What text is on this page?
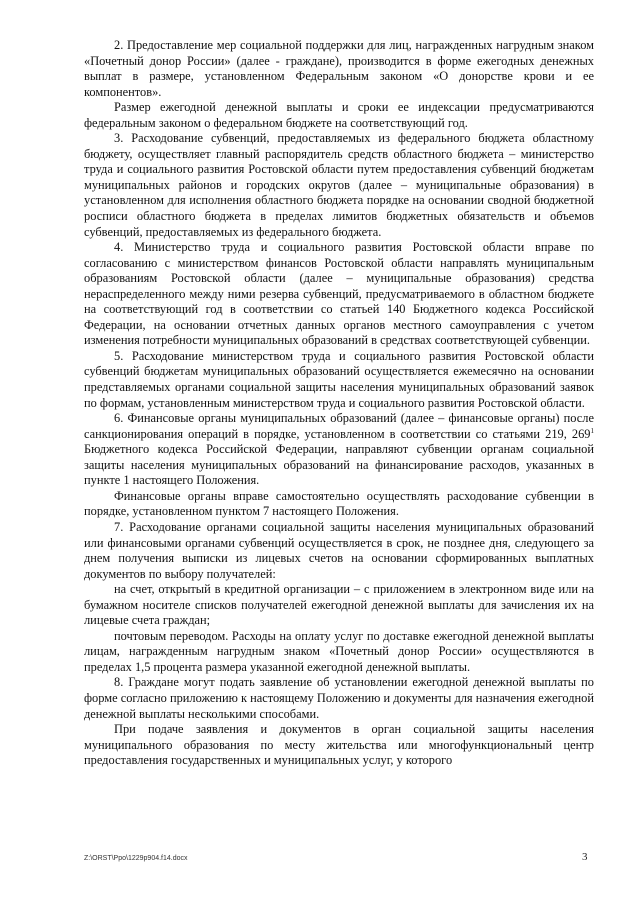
2. Предоставление мер социальной поддержки для лиц, награжденных нагрудным знаком «Почетный донор России» (далее - граждане), производится в форме ежегодных денежных выплат в размере, установленном Федеральным законом «О донорстве крови и ее компонентов».

Размер ежегодной денежной выплаты и сроки ее индексации предусматриваются федеральным законом о федеральном бюджете на соответствующий год.

3. Расходование субвенций, предоставляемых из федерального бюджета областному бюджету, осуществляет главный распорядитель средств областного бюджета – министерство труда и социального развития Ростовской области путем предоставления субвенций бюджетам муниципальных районов и городских округов (далее – муниципальные образования) в установленном для исполнения областного бюджета порядке на основании сводной бюджетной росписи областного бюджета в пределах лимитов бюджетных обязательств и объемов субвенций, предоставляемых из федерального бюджета.

4. Министерство труда и социального развития Ростовской области вправе по согласованию с министерством финансов Ростовской области направлять муниципальным образованиям Ростовской области (далее – муниципальные образования) средства нераспределенного между ними резерва субвенций, предусматриваемого в областном бюджете на соответствующий год в соответствии со статьей 140 Бюджетного кодекса Российской Федерации, на основании отчетных данных органов местного самоуправления с учетом изменения потребности муниципальных образований в средствах соответствующей субвенции.

5. Расходование министерством труда и социального развития Ростовской области субвенций бюджетам муниципальных образований осуществляется ежемесячно на основании представляемых органами социальной защиты населения муниципальных образований заявок по формам, установленным министерством труда и социального развития Ростовской области.

6. Финансовые органы муниципальных образований (далее – финансовые органы) после санкционирования операций в порядке, установленном в соответствии со статьями 219, $269^1$ Бюджетного кодекса Российской Федерации, направляют субвенции органам социальной защиты населения муниципальных образований на финансирование расходов, указанных в пункте 1 настоящего Положения.

Финансовые органы вправе самостоятельно осуществлять расходование субвенции в порядке, установленном пунктом 7 настоящего Положения.

7. Расходование органами социальной защиты населения муниципальных образований или финансовыми органами субвенций осуществляется в срок, не позднее дня, следующего за днем получения выписки из лицевых счетов на основании сформированных выплатных документов по выбору получателей:

на счет, открытый в кредитной организации – с приложением в электронном виде или на бумажном носителе списков получателей ежегодной денежной выплаты для зачисления их на лицевые счета граждан;

почтовым переводом. Расходы на оплату услуг по доставке ежегодной денежной выплаты лицам, награжденным нагрудным знаком «Почетный донор России» осуществляются в пределах 1,5 процента размера указанной ежегодной денежной выплаты.

8. Граждане могут подать заявление об установлении ежегодной денежной выплаты по форме согласно приложению к настоящему Положению и документы для назначения ежегодной денежной выплаты несколькими способами.

При подаче заявления и документов в орган социальной защиты населения муниципального образования по месту жительства или многофункциональный центр предоставления государственных и муниципальных услуг, у которого

Z:\ORST\Ppo\1229p904.f14.docx	3
